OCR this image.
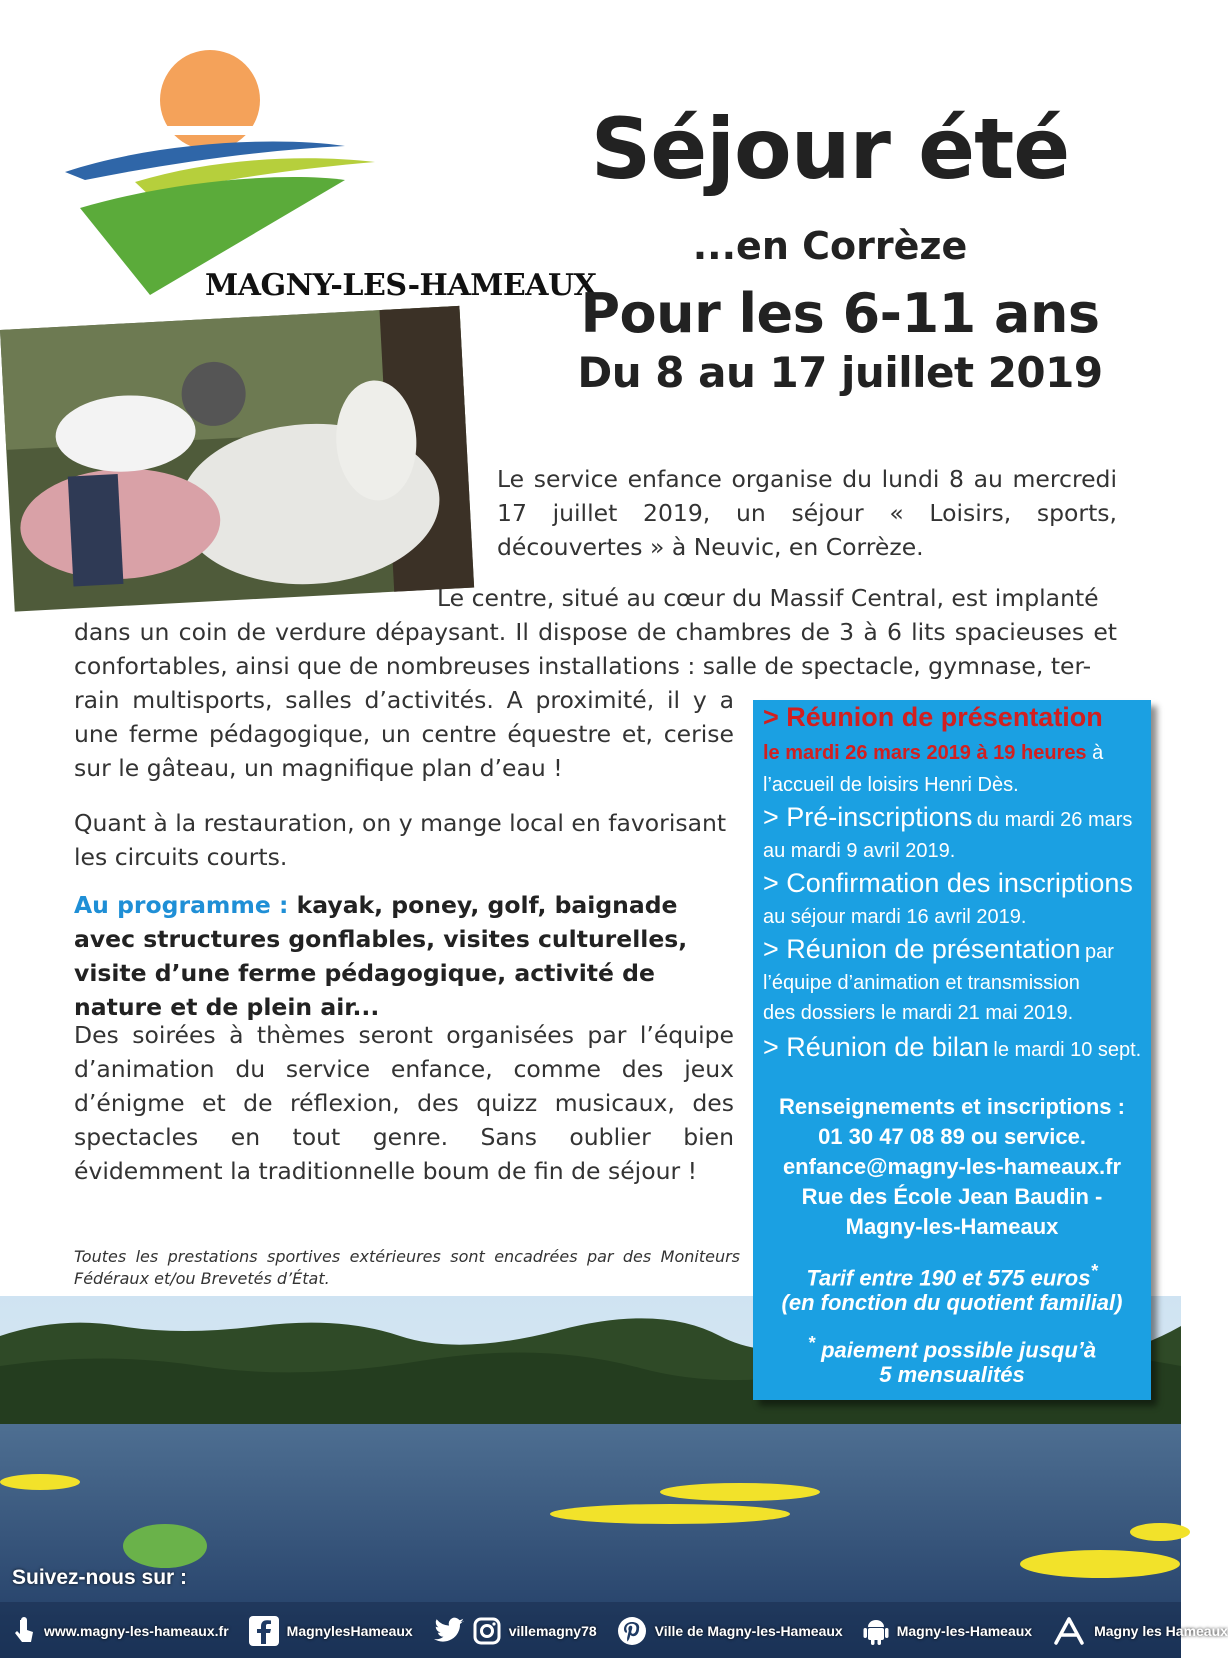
MAGNY-LES-HAMEAUX
Séjour été
...en Corrèze
Pour les 6-11 ans
Du 8 au 17 juillet 2019
Le service enfance organise du lundi 8 au mercredi 17 juillet 2019, un séjour « Loisirs, sports, découvertes » à Neuvic, en Corrèze.
Le centre, situé au cœur du Massif Central, est implanté
dans un coin de verdure dépaysant. Il dispose de chambres de 3 à 6 lits spacieuses et confortables, ainsi que de nombreuses installations : salle de spectacle, gymnase, ter-
rain multisports, salles d’activités. A proximité, il y a une ferme pédagogique, un centre équestre et, cerise sur le gâteau, un magnifique plan d’eau !
Quant à la restauration, on y mange local en favorisant les circuits courts.
Au programme : kayak, poney, golf, baignade avec structures gonflables, visites culturelles, visite d’une ferme pédagogique, activité de nature et de plein air...
Des soirées à thèmes seront organisées par l’équipe d’animation du service enfance, comme des jeux d’énigme et de réflexion, des quizz musicaux, des spectacles en tout genre. Sans oublier bien évidemment la traditionnelle boum de fin de séjour !
Toutes les prestations sportives extérieures sont encadrées par des Moniteurs Fédéraux et/ou Brevetés d’État.
> Réunion de présentation
le mardi 26 mars 2019 à 19 heures à
l’accueil de loisirs Henri Dès.
> Pré-inscriptions du mardi 26 mars
au mardi 9 avril 2019.
> Confirmation des inscriptions
au séjour mardi 16 avril 2019.
> Réunion de présentation par
l’équipe d’animation et transmission
des dossiers le mardi 21 mai 2019.
> Réunion de bilan le mardi 10 sept.
Renseignements et inscriptions :
01 30 47 08 89 ou service.
enfance@magny-les-hameaux.fr
Rue des École Jean Baudin -
Magny-les-Hameaux
Tarif entre 190 et 575 euros*
(en fonction du quotient familial)
* paiement possible jusqu’à
5 mensualités
Suivez-nous sur :
www.magny-les-hameaux.fr	MagnylesHameaux	villemagny78	Ville de Magny-les-Hameaux	Magny-les-Hameaux	Magny les Hameaux
